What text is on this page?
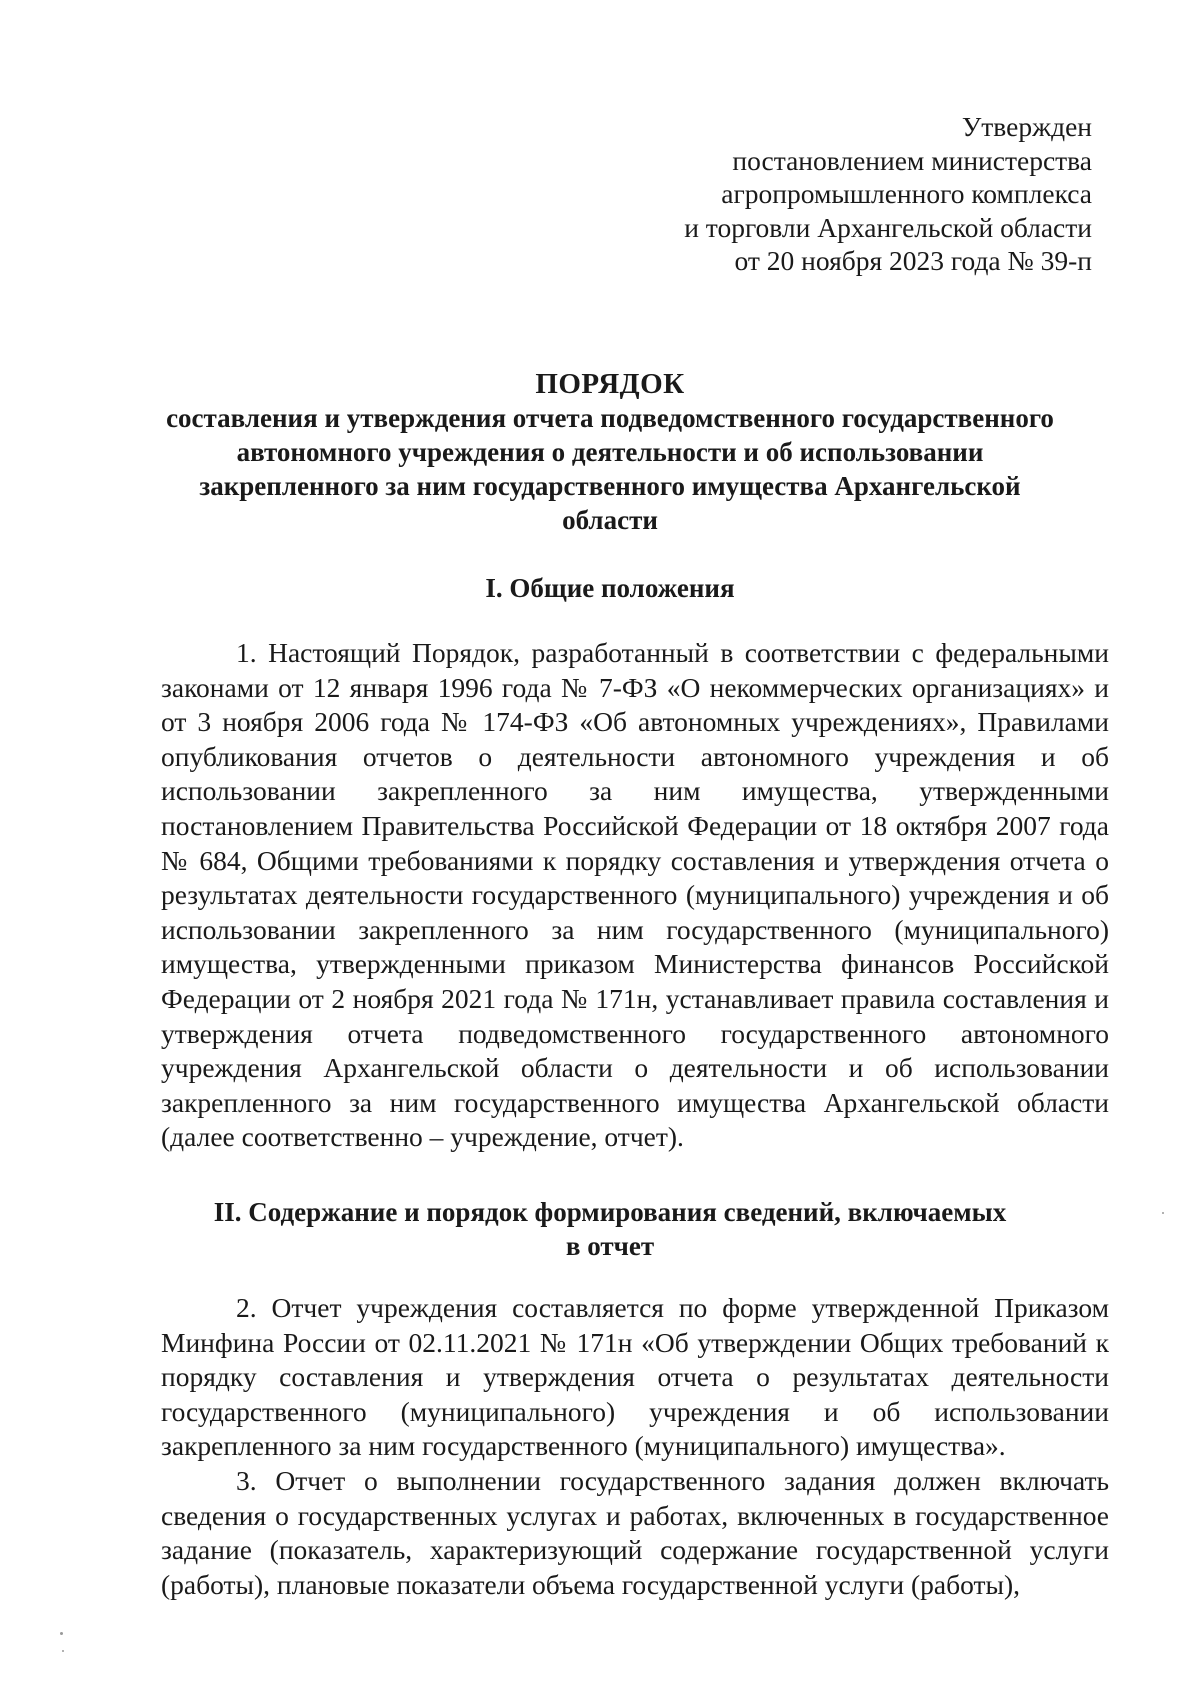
Утвержден
постановлением министерства
агропромышленного комплекса
и торговли Архангельской области
от 20 ноября 2023 года № 39-п
ПОРЯДОК
составления и утверждения отчета подведомственного государственного
автономного учреждения о деятельности и об использовании
закрепленного за ним государственного имущества Архангельской
области
I. Общие положения

1. Настоящий Порядок, разработанный в соответствии с федеральными законами от 12 января 1996 года № 7-ФЗ «О некоммерческих организациях» и от 3 ноября 2006 года № 174-ФЗ «Об автономных учреждениях», Правилами опубликования отчетов о деятельности автономного учреждения и об использовании закрепленного за ним имущества, утвержденными постановлением Правительства Российской Федерации от 18 октября 2007 года № 684, Общими требованиями к порядку составления и утверждения отчета о результатах деятельности государственного (муниципального) учреждения и об использовании закрепленного за ним государственного (муниципального) имущества, утвержденными приказом Министерства финансов Российской Федерации от 2 ноября 2021 года № 171н, устанавливает правила составления и утверждения отчета подведомственного государственного автономного учреждения Архангельской области о деятельности и об использовании закрепленного за ним государственного имущества Архангельской области (далее соответственно – учреждение, отчет).

II. Содержание и порядок формирования сведений, включаемых
в отчет

2. Отчет учреждения составляется по форме утвержденной Приказом Минфина России от 02.11.2021 № 171н «Об утверждении Общих требований к порядку составления и утверждения отчета о результатах деятельности государственного (муниципального) учреждения и об использовании закрепленного за ним государственного (муниципального) имущества».

3. Отчет о выполнении государственного задания должен включать сведения о государственных услугах и работах, включенных в государственное задание (показатель, характеризующий содержание государственной услуги (работы), плановые показатели объема государственной услуги (работы),
